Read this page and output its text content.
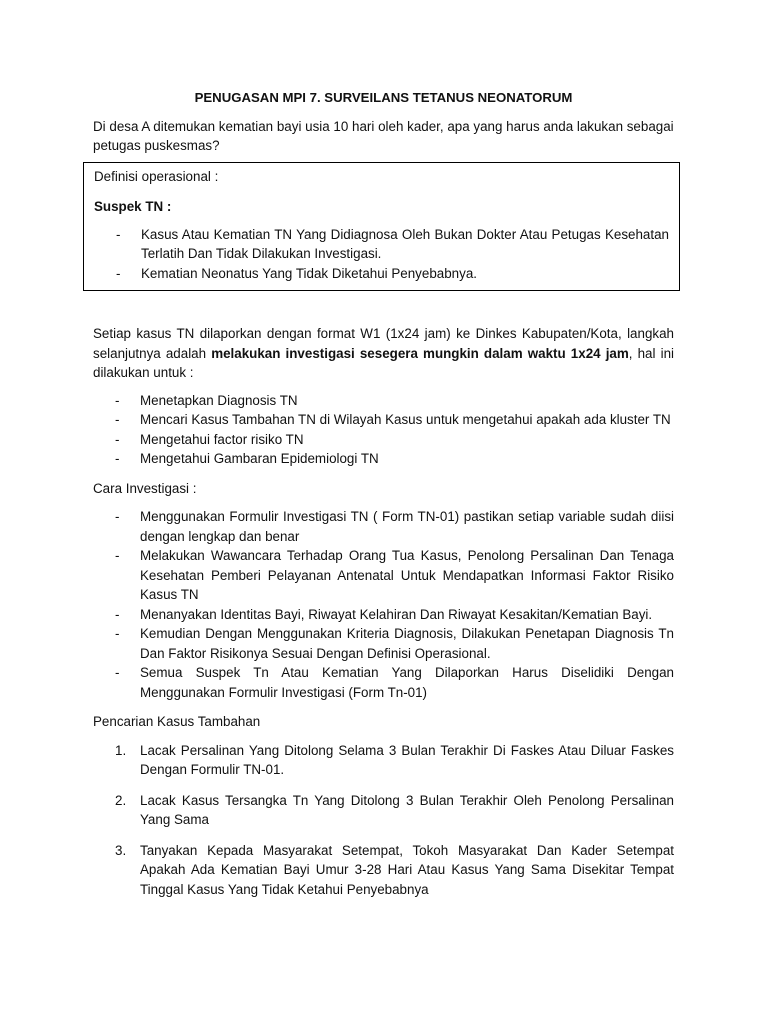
PENUGASAN MPI 7. SURVEILANS TETANUS NEONATORUM
Di desa A ditemukan kematian bayi usia 10 hari oleh kader, apa yang harus anda lakukan sebagai petugas puskesmas?
Definisi operasional :
Suspek TN :
- Kasus Atau Kematian TN Yang Didiagnosa Oleh Bukan Dokter Atau Petugas Kesehatan Terlatih Dan Tidak Dilakukan Investigasi.
- Kematian Neonatus Yang Tidak Diketahui Penyebabnya.
Setiap kasus TN dilaporkan dengan format W1 (1x24 jam) ke Dinkes Kabupaten/Kota, langkah selanjutnya adalah melakukan investigasi sesegera mungkin dalam waktu 1x24 jam, hal ini dilakukan untuk :
- Menetapkan Diagnosis TN
- Mencari Kasus Tambahan TN di Wilayah Kasus untuk mengetahui apakah ada kluster TN
- Mengetahui factor risiko TN
- Mengetahui Gambaran Epidemiologi TN
Cara Investigasi :
- Menggunakan Formulir Investigasi TN ( Form TN-01) pastikan setiap variable sudah diisi dengan lengkap dan benar
- Melakukan Wawancara Terhadap Orang Tua Kasus, Penolong Persalinan Dan Tenaga Kesehatan Pemberi Pelayanan Antenatal Untuk Mendapatkan Informasi Faktor Risiko Kasus TN
- Menanyakan Identitas Bayi, Riwayat Kelahiran Dan Riwayat Kesakitan/Kematian Bayi.
- Kemudian Dengan Menggunakan Kriteria Diagnosis, Dilakukan Penetapan Diagnosis Tn Dan Faktor Risikonya Sesuai Dengan Definisi Operasional.
- Semua Suspek Tn Atau Kematian Yang Dilaporkan Harus Diselidiki Dengan Menggunakan Formulir Investigasi (Form Tn-01)
Pencarian Kasus Tambahan
1. Lacak Persalinan Yang Ditolong Selama 3 Bulan Terakhir Di Faskes Atau Diluar Faskes Dengan Formulir TN-01.
2. Lacak Kasus Tersangka Tn Yang Ditolong 3 Bulan Terakhir Oleh Penolong Persalinan Yang Sama
3. Tanyakan Kepada Masyarakat Setempat, Tokoh Masyarakat Dan Kader Setempat Apakah Ada Kematian Bayi Umur 3-28 Hari Atau Kasus Yang Sama Disekitar Tempat Tinggal Kasus Yang Tidak Ketahui Penyebabnya
